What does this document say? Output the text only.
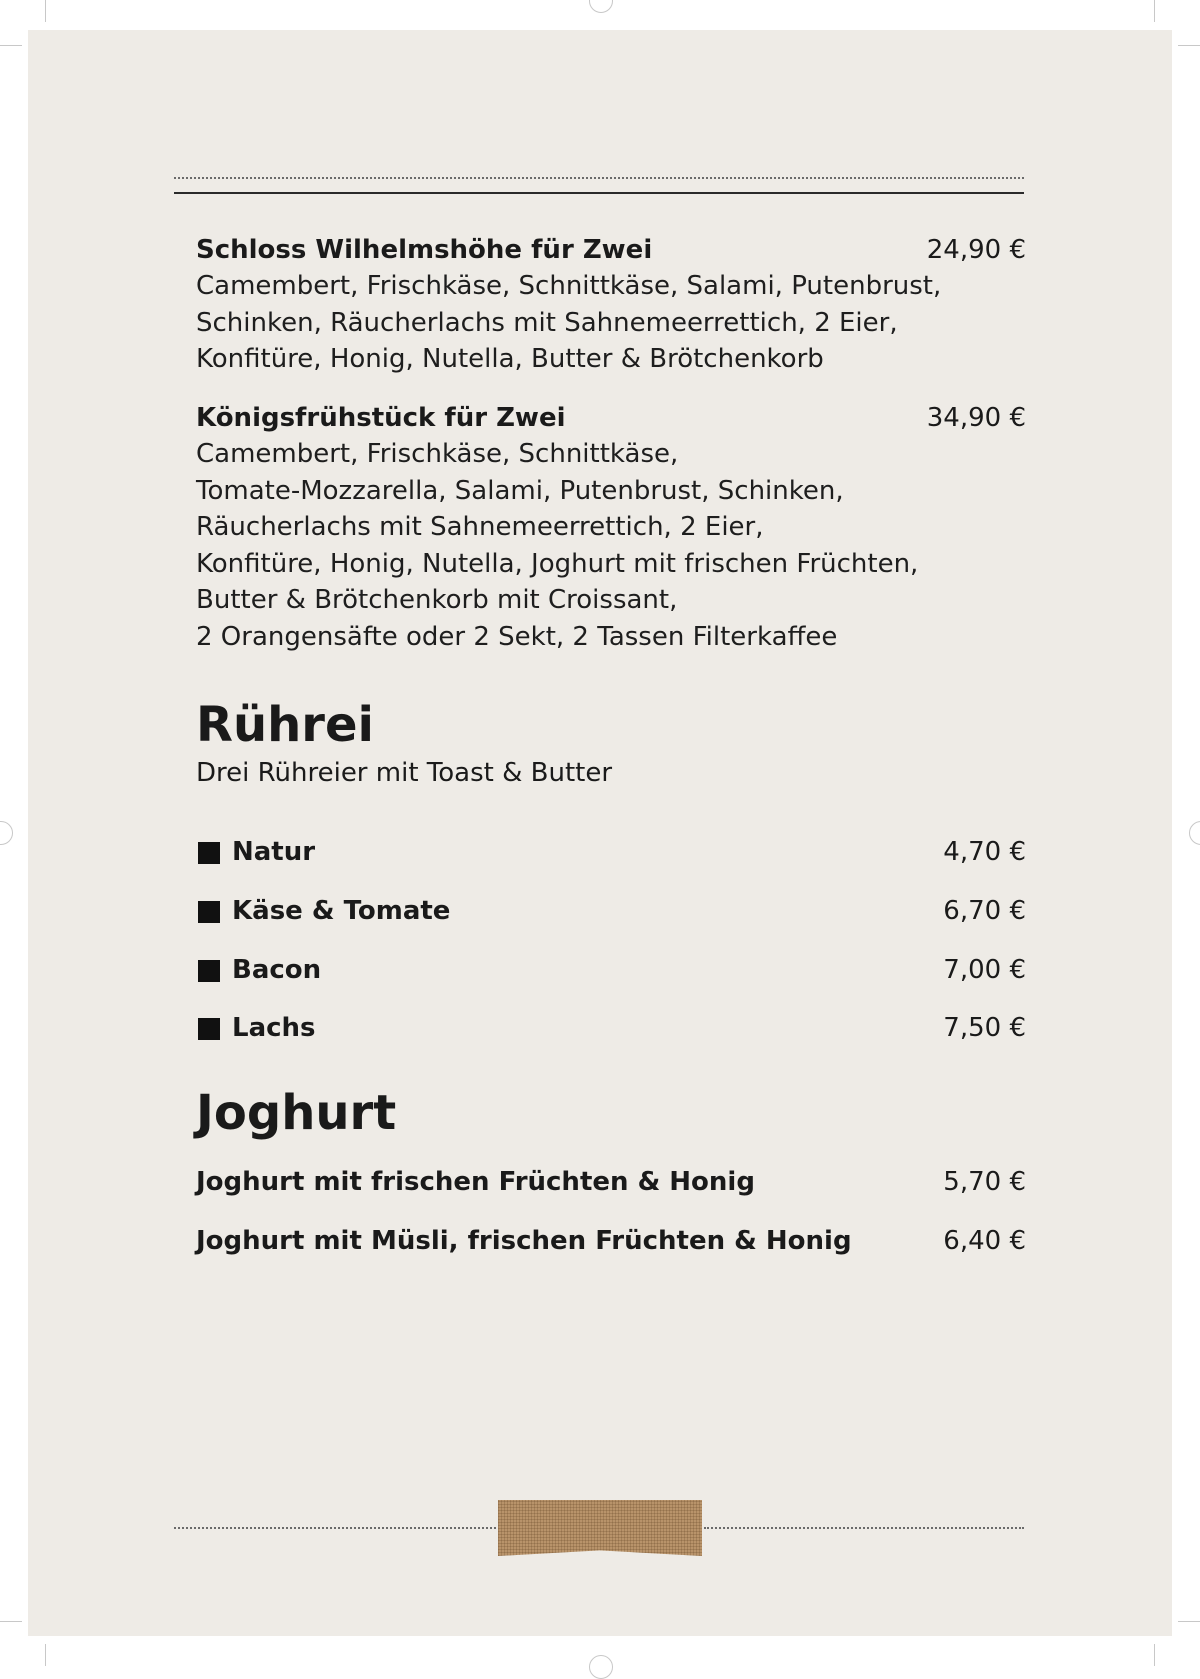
Schloss Wilhelmshöhe für Zwei	24,90 €
Camembert, Frischkäse, Schnittkäse, Salami, Putenbrust,
Schinken, Räucherlachs mit Sahnemeerrettich, 2 Eier,
Konfitüre, Honig, Nutella, Butter & Brötchenkorb
Königsfrühstück für Zwei	34,90 €
Camembert, Frischkäse, Schnittkäse,
Tomate-Mozzarella, Salami, Putenbrust, Schinken,
Räucherlachs mit Sahnemeerrettich, 2 Eier,
Konfitüre, Honig, Nutella, Joghurt mit frischen Früchten,
Butter & Brötchenkorb mit Croissant,
2 Orangensäfte oder 2 Sekt, 2 Tassen Filterkaffee
Rührei
Drei Rühreier mit Toast & Butter
Natur	4,70 €
Käse & Tomate	6,70 €
Bacon	7,00 €
Lachs	7,50 €
Joghurt
Joghurt mit frischen Früchten & Honig	5,70 €
Joghurt mit Müsli, frischen Früchten & Honig	6,40 €
